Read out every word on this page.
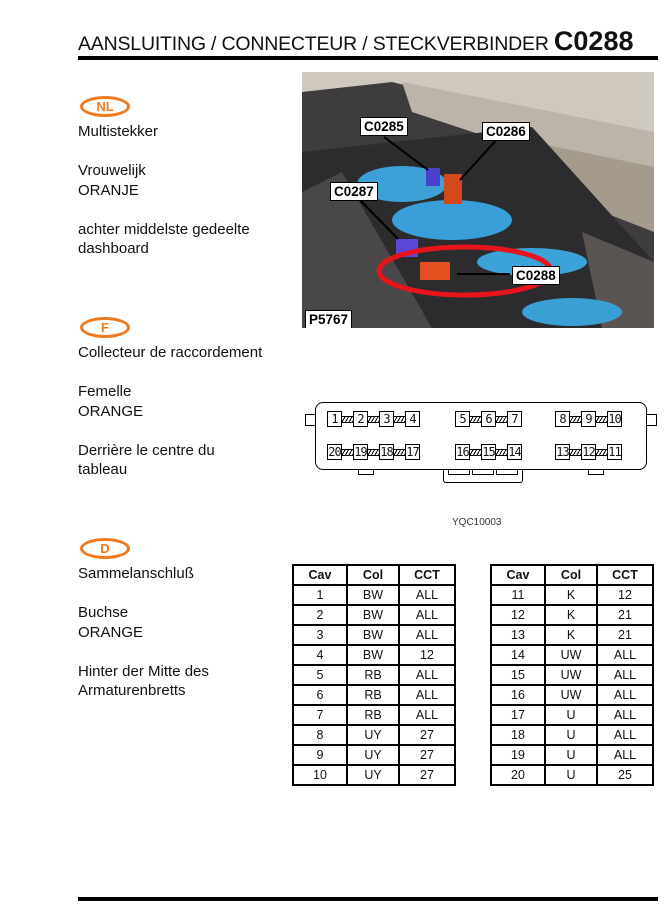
AANSLUITING / CONNECTEUR / STECKVERBINDER C0288
NL
Multistekker
Vrouwelijk
ORANJE
achter middelste gedeelte
dashboard
F
Collecteur de raccordement
Femelle
ORANGE
Derrière le centre du
tableau
D
Sammelanschluß
Buchse
ORANGE
Hinter der Mitte des
Armaturenbretts
C0285	C0286
C0287
C0288
P5767
1	2	3	4	5	6	7	8	9	10
20 19 18 17	16 15 14	13 12 11
YQC10003
Cav	Col	CCT
1	BW	ALL
2	BW	ALL
3	BW	ALL
4	BW	12
5	RB	ALL
6	RB	ALL
7	RB	ALL
8	UY	27
9	UY	27
10	UY	27
Cav	Col	CCT
11	K	12
12	K	21
13	K	21
14	UW	ALL
15	UW	ALL
16	UW	ALL
17	U	ALL
18	U	ALL
19	U	ALL
20	U	25
